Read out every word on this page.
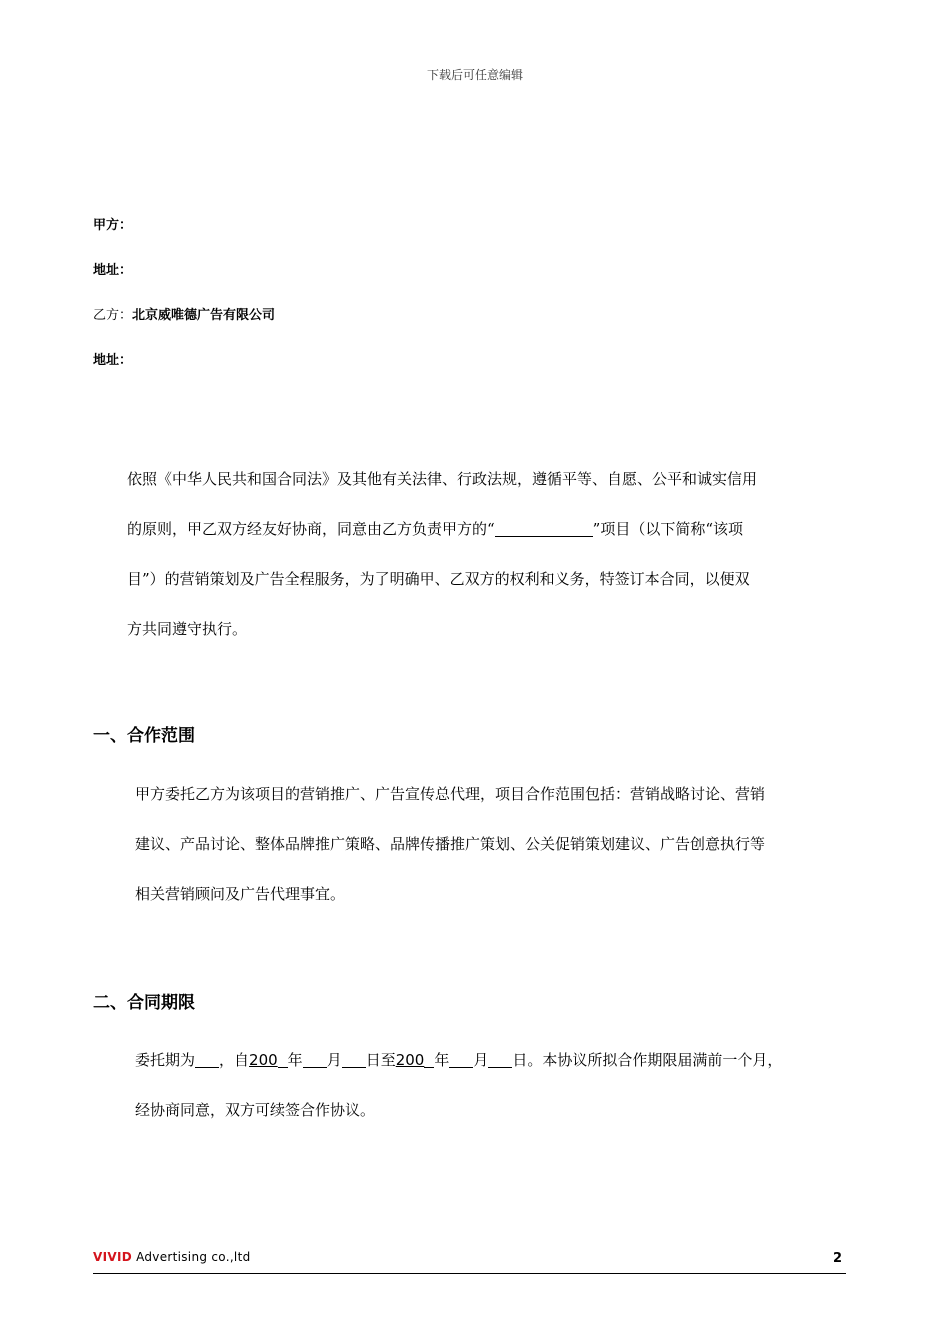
下载后可任意编辑
甲方：
地址：
乙方：北京威唯德广告有限公司
地址：
依照《中华人民共和国合同法》及其他有关法律、行政法规，遵循平等、自愿、公平和诚实信用
的原则，甲乙双方经友好协商，同意由乙方负责甲方的“	”项目（以下简称“该项
目”）的营销策划及广告全程服务，为了明确甲、乙双方的权利和义务，特签订本合同，以便双
方共同遵守执行。
一、合作范围
甲方委托乙方为该项目的营销推广、广告宣传总代理，项目合作范围包括：营销战略讨论、营销
建议、产品讨论、整体品牌推广策略、品牌传播推广策划、公关促销策划建议、广告创意执行等
相关营销顾问及广告代理事宜。
二、合同期限
委托期为 ，自200 年 月 日至200 年 月 日。本协议所拟合作期限届满前一个月，
经协商同意，双方可续签合作协议。
VIVID Advertising co.,ltd	2
